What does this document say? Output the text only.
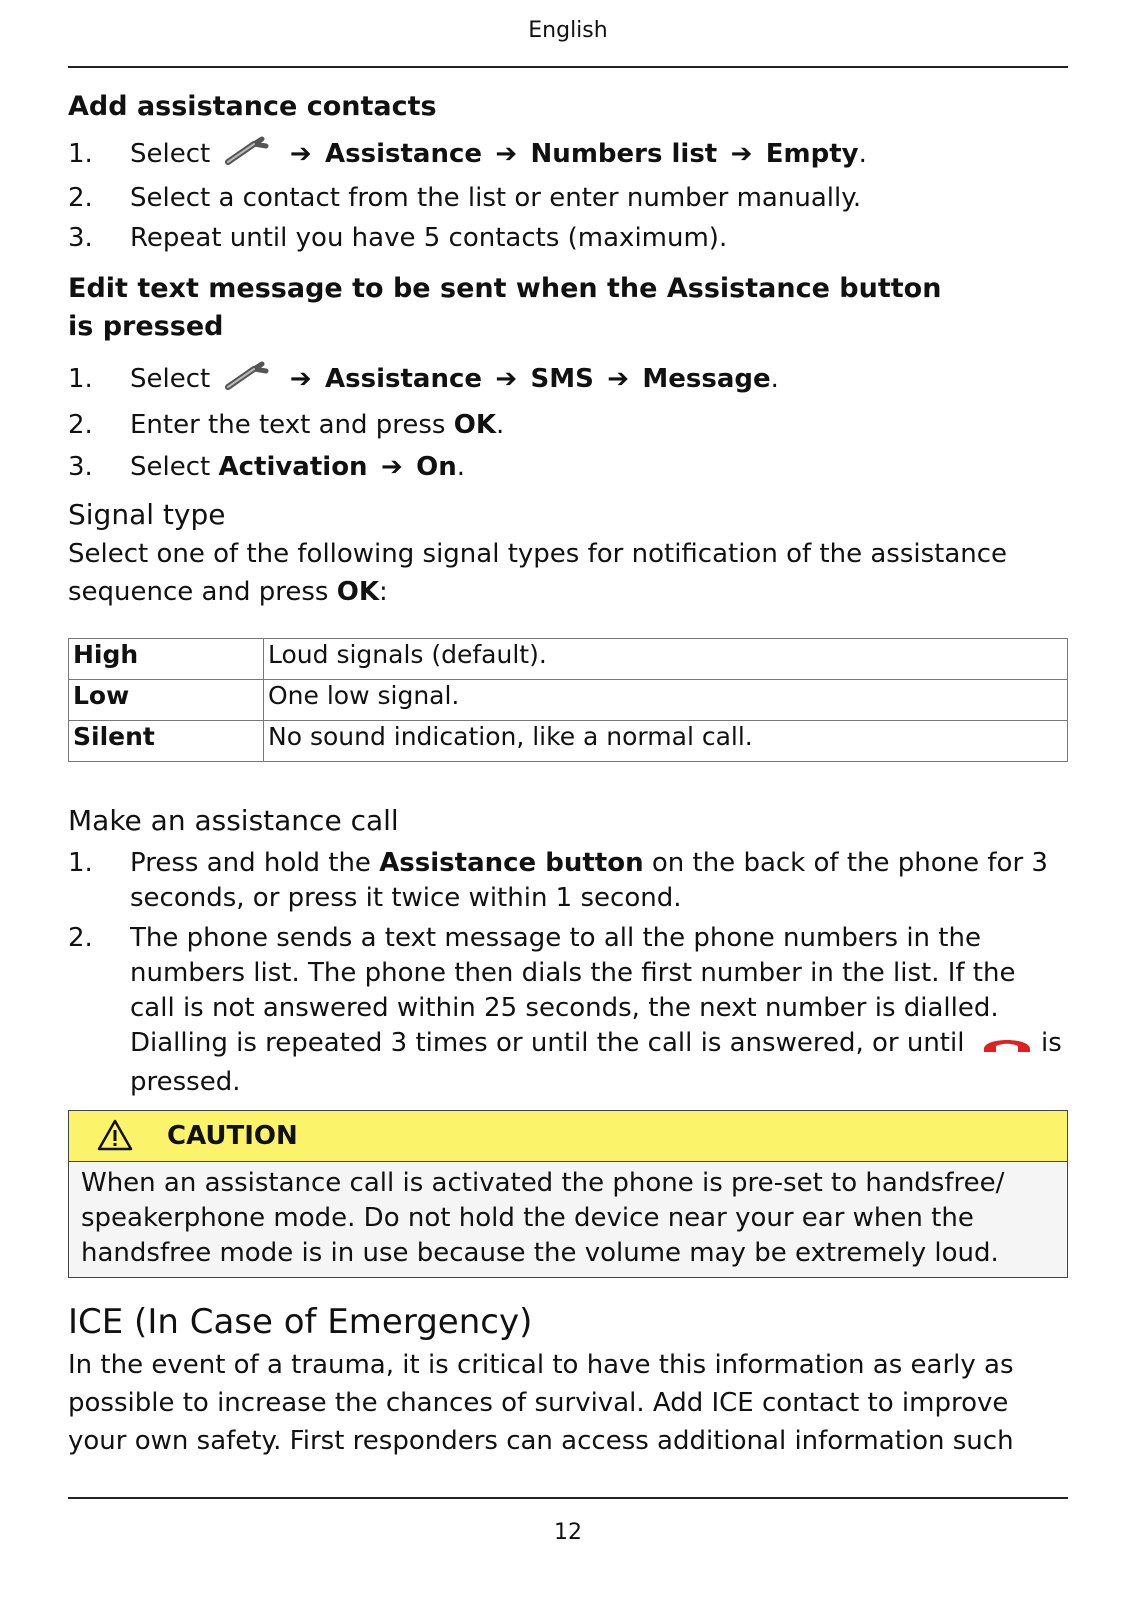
English
Add assistance contacts
1. Select	➔ Assistance ➔ Numbers list ➔ Empty.
2. Select a contact from the list or enter number manually.
3. Repeat until you have 5 contacts (maximum).
Edit text message to be sent when the Assistance button is pressed
1. Select	➔ Assistance ➔ SMS ➔ Message.
2. Enter the text and press OK.
3. Select Activation ➔ On.
Signal type

Select one of the following signal types for notification of the assistance sequence and press OK:

High	Loud signals (default).
Low	One low signal.
Silent	No sound indication, like a normal call.
Make an assistance call
1. Press and hold the Assistance button on the back of the phone for 3 seconds, or press it twice within 1 second.
2. The phone sends a text message to all the phone numbers in the numbers list. The phone then dials the first number in the list. If the call is not answered within 25 seconds, the next number is dialled. Dialling is repeated 3 times or until the call is answered, or until	is pressed.
CAUTION
When an assistance call is activated the phone is pre-set to handsfree/ speakerphone mode. Do not hold the device near your ear when the handsfree mode is in use because the volume may be extremely loud.
ICE (In Case of Emergency)

In the event of a trauma, it is critical to have this information as early as possible to increase the chances of survival. Add ICE contact to improve your own safety. First responders can access additional information such

12
